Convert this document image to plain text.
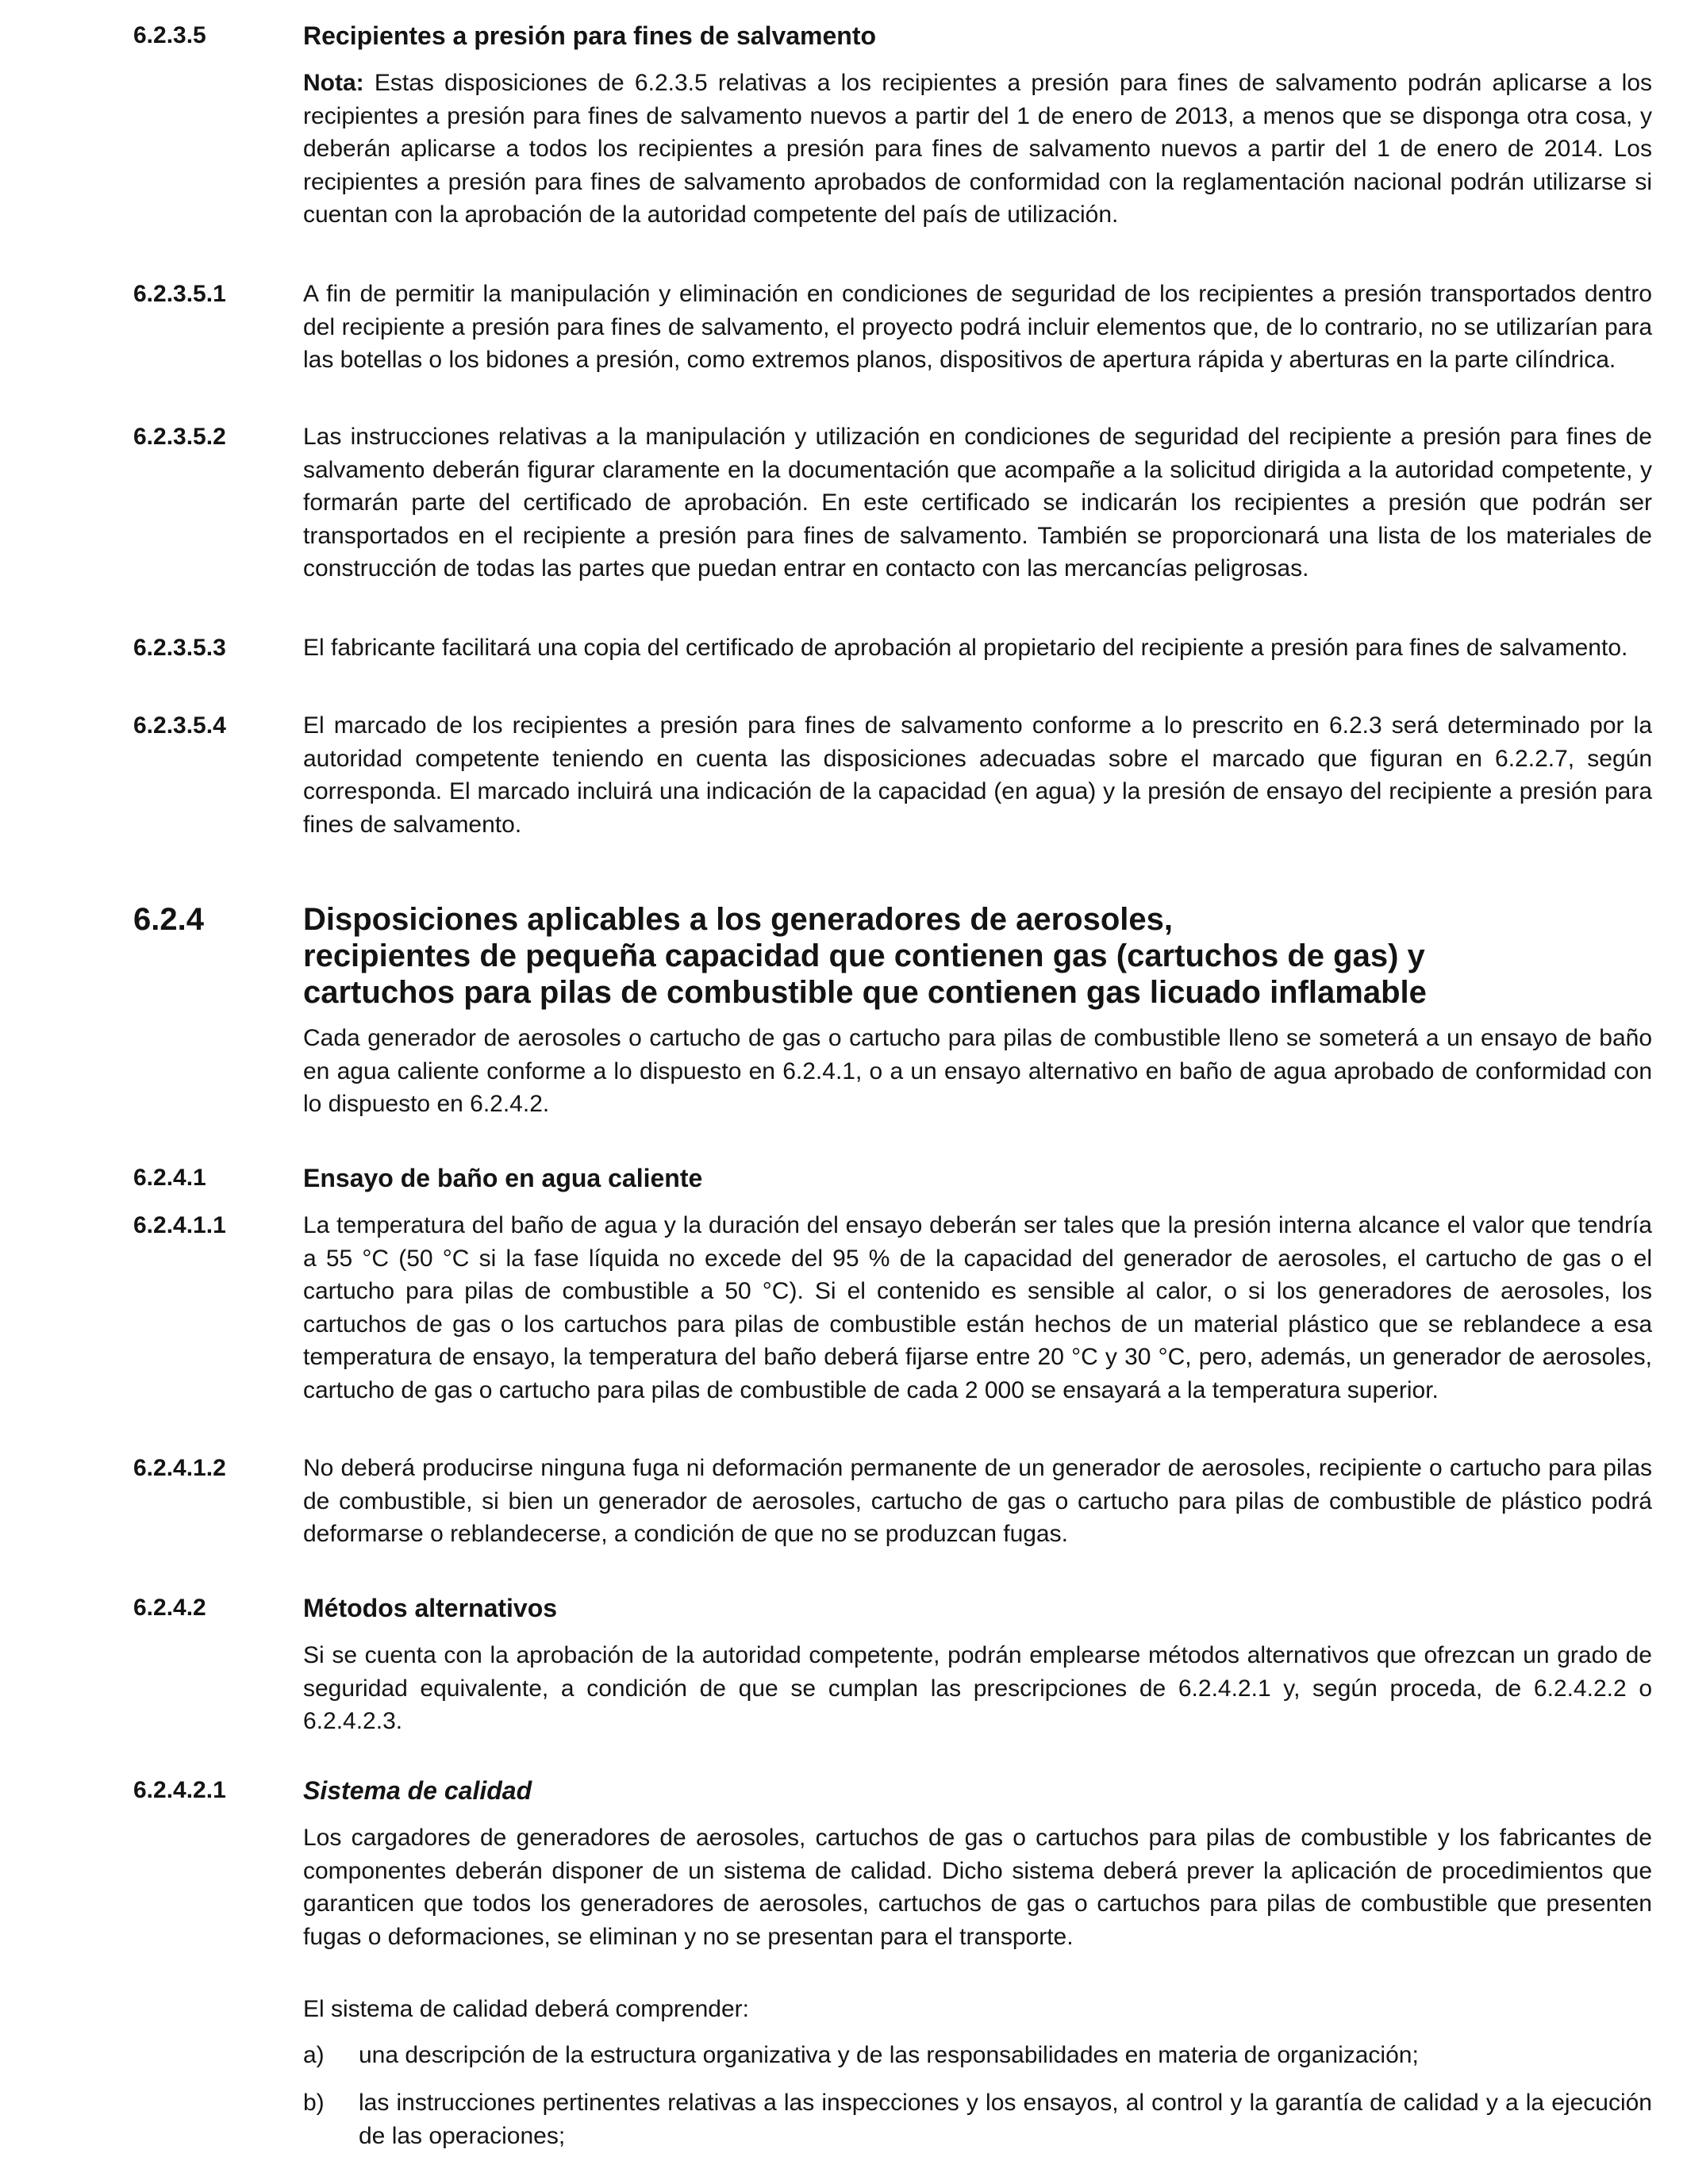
6.2.3.5	Recipientes a presión para fines de salvamento
Nota: Estas disposiciones de 6.2.3.5 relativas a los recipientes a presión para fines de salvamento podrán aplicarse a los recipientes a presión para fines de salvamento nuevos a partir del 1 de enero de 2013, a menos que se disponga otra cosa, y deberán aplicarse a todos los recipientes a presión para fines de salvamento nuevos a partir del 1 de enero de 2014. Los recipientes a presión para fines de salvamento aprobados de conformidad con la reglamentación nacional podrán utilizarse si cuentan con la aprobación de la autoridad competente del país de utilización.
6.2.3.5.1	A fin de permitir la manipulación y eliminación en condiciones de seguridad de los recipientes a presión transportados dentro del recipiente a presión para fines de salvamento, el proyecto podrá incluir elementos que, de lo contrario, no se utilizarían para las botellas o los bidones a presión, como extremos planos, dispositivos de apertura rápida y aberturas en la parte cilíndrica.
6.2.3.5.2	Las instrucciones relativas a la manipulación y utilización en condiciones de seguridad del recipiente a presión para fines de salvamento deberán figurar claramente en la documentación que acompañe a la solicitud dirigida a la autoridad competente, y formarán parte del certificado de aprobación. En este certificado se indicarán los recipientes a presión que podrán ser transportados en el recipiente a presión para fines de salvamento. También se proporcionará una lista de los materiales de construcción de todas las partes que puedan entrar en contacto con las mercancías peligrosas.
6.2.3.5.3	El fabricante facilitará una copia del certificado de aprobación al propietario del recipiente a presión para fines de salvamento.
6.2.3.5.4	El marcado de los recipientes a presión para fines de salvamento conforme a lo prescrito en 6.2.3 será determinado por la autoridad competente teniendo en cuenta las disposiciones adecuadas sobre el marcado que figuran en 6.2.2.7, según corresponda. El marcado incluirá una indicación de la capacidad (en agua) y la presión de ensayo del recipiente a presión para fines de salvamento.
6.2.4	Disposiciones aplicables a los generadores de aerosoles,
recipientes de pequeña capacidad que contienen gas (cartuchos de gas) y
cartuchos para pilas de combustible que contienen gas licuado inflamable
Cada generador de aerosoles o cartucho de gas o cartucho para pilas de combustible lleno se someterá a un ensayo de baño en agua caliente conforme a lo dispuesto en 6.2.4.1, o a un ensayo alternativo en baño de agua aprobado de conformidad con lo dispuesto en 6.2.4.2.
6.2.4.1	Ensayo de baño en agua caliente
6.2.4.1.1	La temperatura del baño de agua y la duración del ensayo deberán ser tales que la presión interna alcance el valor que tendría a 55 °C (50 °C si la fase líquida no excede del 95 % de la capacidad del generador de aerosoles, el cartucho de gas o el cartucho para pilas de combustible a 50 °C). Si el contenido es sensible al calor, o si los generadores de aerosoles, los cartuchos de gas o los cartuchos para pilas de combustible están hechos de un material plástico que se reblandece a esa temperatura de ensayo, la temperatura del baño deberá fijarse entre 20 °C y 30 °C, pero, además, un generador de aerosoles, cartucho de gas o cartucho para pilas de combustible de cada 2 000 se ensayará a la temperatura superior.
6.2.4.1.2	No deberá producirse ninguna fuga ni deformación permanente de un generador de aerosoles, recipiente o cartucho para pilas de combustible, si bien un generador de aerosoles, cartucho de gas o cartucho para pilas de combustible de plástico podrá deformarse o reblandecerse, a condición de que no se produzcan fugas.
6.2.4.2	Métodos alternativos
Si se cuenta con la aprobación de la autoridad competente, podrán emplearse métodos alternativos que ofrezcan un grado de seguridad equivalente, a condición de que se cumplan las prescripciones de 6.2.4.2.1 y, según proceda, de 6.2.4.2.2 o 6.2.4.2.3.
6.2.4.2.1	Sistema de calidad
Los cargadores de generadores de aerosoles, cartuchos de gas o cartuchos para pilas de combustible y los fabricantes de componentes deberán disponer de un sistema de calidad. Dicho sistema deberá prever la aplicación de procedimientos que garanticen que todos los generadores de aerosoles, cartuchos de gas o cartuchos para pilas de combustible que presenten fugas o deformaciones, se eliminan y no se presentan para el transporte.
El sistema de calidad deberá comprender:
a) una descripción de la estructura organizativa y de las responsabilidades en materia de organización;
b) las instrucciones pertinentes relativas a las inspecciones y los ensayos, al control y la garantía de calidad y a la ejecución de las operaciones;
